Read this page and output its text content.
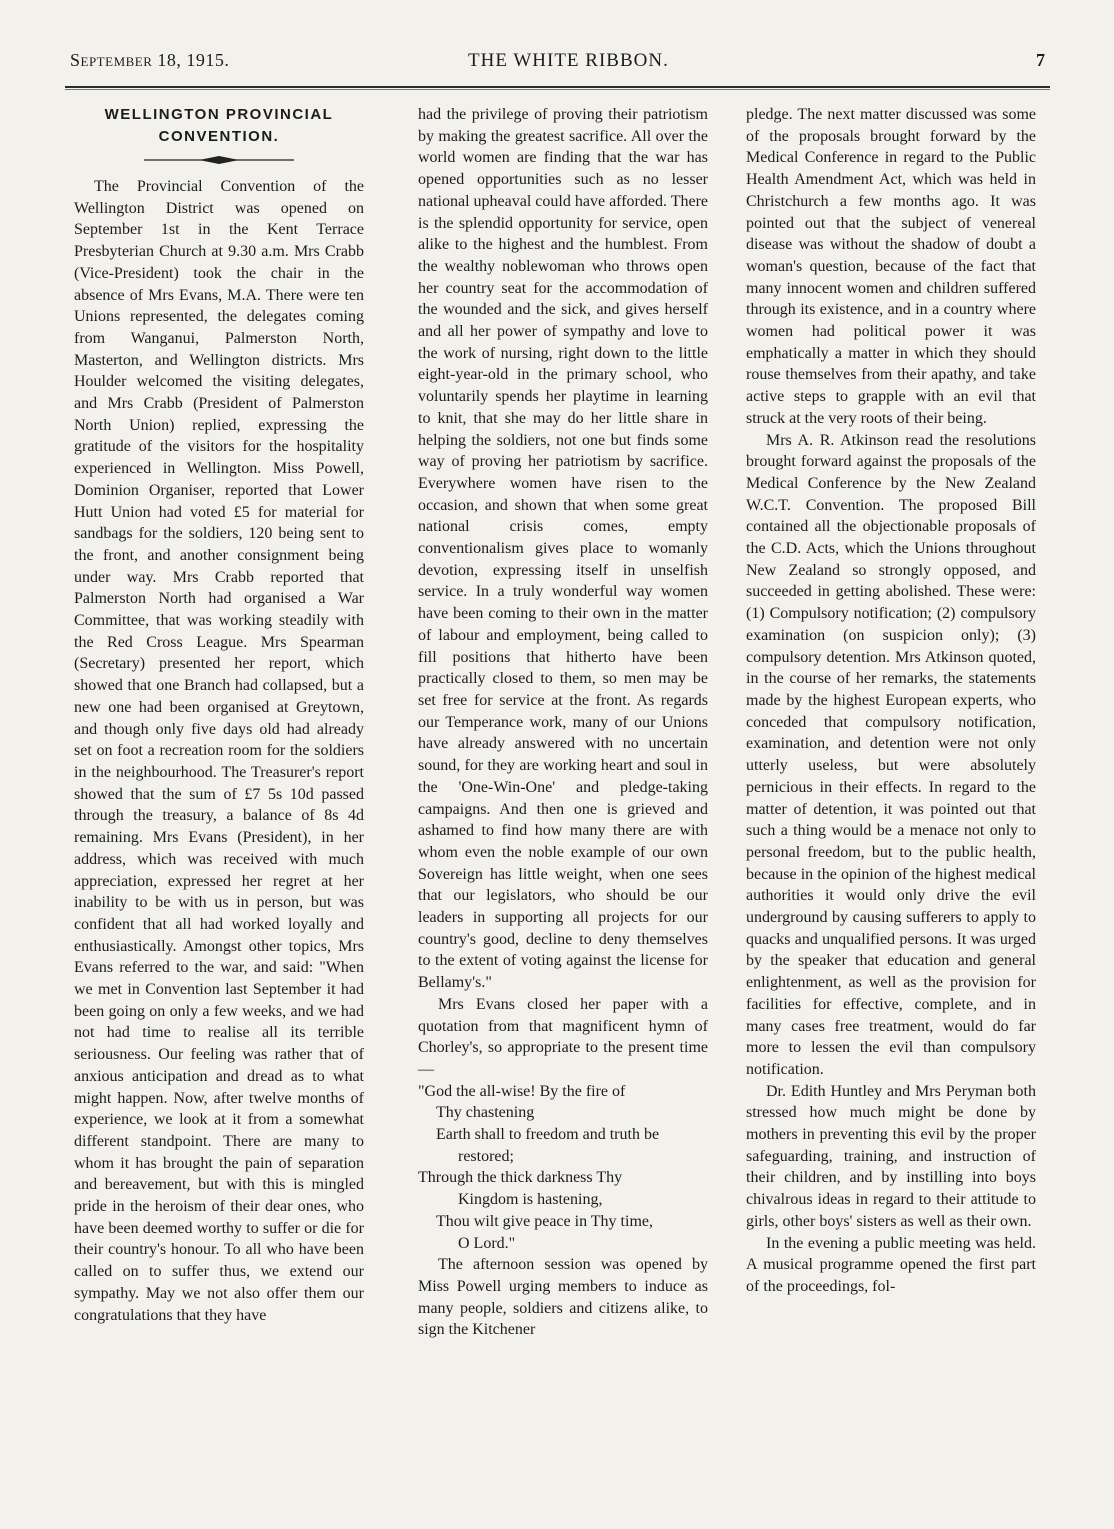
September 18, 1915.	THE WHITE RIBBON.	7
WELLINGTON PROVINCIAL
CONVENTION.

The Provincial Convention of the Wellington District was opened on September 1st in the Kent Terrace Presbyterian Church at 9.30 a.m. Mrs Crabb (Vice-President) took the chair in the absence of Mrs Evans, M.A. There were ten Unions represented, the delegates coming from Wanganui, Palmerston North, Masterton, and Wellington districts. Mrs Houlder welcomed the visiting delegates, and Mrs Crabb (President of Palmerston North Union) replied, expressing the gratitude of the visitors for the hospitality experienced in Wellington. Miss Powell, Dominion Organiser, reported that Lower Hutt Union had voted £5 for material for sandbags for the soldiers, 120 being sent to the front, and another consignment being under way. Mrs Crabb reported that Palmerston North had organised a War Committee, that was working steadily with the Red Cross League. Mrs Spearman (Secretary) presented her report, which showed that one Branch had collapsed, but a new one had been organised at Greytown, and though only five days old had already set on foot a recreation room for the soldiers in the neighbourhood. The Treasurer's report showed that the sum of £7 5s 10d passed through the treasury, a balance of 8s 4d remaining. Mrs Evans (President), in her address, which was received with much appreciation, expressed her regret at her inability to be with us in person, but was confident that all had worked loyally and enthusiastically. Amongst other topics, Mrs Evans referred to the war, and said: "When we met in Convention last September it had been going on only a few weeks, and we had not had time to realise all its terrible seriousness. Our feeling was rather that of anxious anticipation and dread as to what might happen. Now, after twelve months of experience, we look at it from a somewhat different standpoint. There are many to whom it has brought the pain of separation and bereavement, but with this is mingled pride in the heroism of their dear ones, who have been deemed worthy to suffer or die for their country's honour. To all who have been called on to suffer thus, we extend our sympathy. May we not also offer them our congratulations that they have

had the privilege of proving their patriotism by making the greatest sacrifice. All over the world women are finding that the war has opened opportunities such as no lesser national upheaval could have afforded. There is the splendid opportunity for service, open alike to the highest and the humblest. From the wealthy noblewoman who throws open her country seat for the accommodation of the wounded and the sick, and gives herself and all her power of sympathy and love to the work of nursing, right down to the little eight-year-old in the primary school, who voluntarily spends her playtime in learning to knit, that she may do her little share in helping the soldiers, not one but finds some way of proving her patriotism by sacrifice. Everywhere women have risen to the occasion, and shown that when some great national crisis comes, empty conventionalism gives place to womanly devotion, expressing itself in unselfish service. In a truly wonderful way women have been coming to their own in the matter of labour and employment, being called to fill positions that hitherto have been practically closed to them, so men may be set free for service at the front. As regards our Temperance work, many of our Unions have already answered with no uncertain sound, for they are working heart and soul in the 'One-Win-One' and pledge-taking campaigns. And then one is grieved and ashamed to find how many there are with whom even the noble example of our own Sovereign has little weight, when one sees that our legislators, who should be our leaders in supporting all projects for our country's good, decline to deny themselves to the extent of voting against the license for Bellamy's."

Mrs Evans closed her paper with a quotation from that magnificent hymn of Chorley's, so appropriate to the present time—

"God the all-wise! By the fire of
Thy chastening
Earth shall to freedom and truth be
restored;
Through the thick darkness Thy
Kingdom is hastening,
Thou wilt give peace in Thy time,
O Lord."

The afternoon session was opened by Miss Powell urging members to induce as many people, soldiers and citizens alike, to sign the Kitchener

pledge. The next matter discussed was some of the proposals brought forward by the Medical Conference in regard to the Public Health Amendment Act, which was held in Christchurch a few months ago. It was pointed out that the subject of venereal disease was without the shadow of doubt a woman's question, because of the fact that many innocent women and children suffered through its existence, and in a country where women had political power it was emphatically a matter in which they should rouse themselves from their apathy, and take active steps to grapple with an evil that struck at the very roots of their being.

Mrs A. R. Atkinson read the resolutions brought forward against the proposals of the Medical Conference by the New Zealand W.C.T. Convention. The proposed Bill contained all the objectionable proposals of the C.D. Acts, which the Unions throughout New Zealand so strongly opposed, and succeeded in getting abolished. These were: (1) Compulsory notification; (2) compulsory examination (on suspicion only); (3) compulsory detention. Mrs Atkinson quoted, in the course of her remarks, the statements made by the highest European experts, who conceded that compulsory notification, examination, and detention were not only utterly useless, but were absolutely pernicious in their effects. In regard to the matter of detention, it was pointed out that such a thing would be a menace not only to personal freedom, but to the public health, because in the opinion of the highest medical authorities it would only drive the evil underground by causing sufferers to apply to quacks and unqualified persons. It was urged by the speaker that education and general enlightenment, as well as the provision for facilities for effective, complete, and in many cases free treatment, would do far more to lessen the evil than compulsory notification.

Dr. Edith Huntley and Mrs Peryman both stressed how much might be done by mothers in preventing this evil by the proper safeguarding, training, and instruction of their children, and by instilling into boys chivalrous ideas in regard to their attitude to girls, other boys' sisters as well as their own.

In the evening a public meeting was held. A musical programme opened the first part of the proceedings, fol-
